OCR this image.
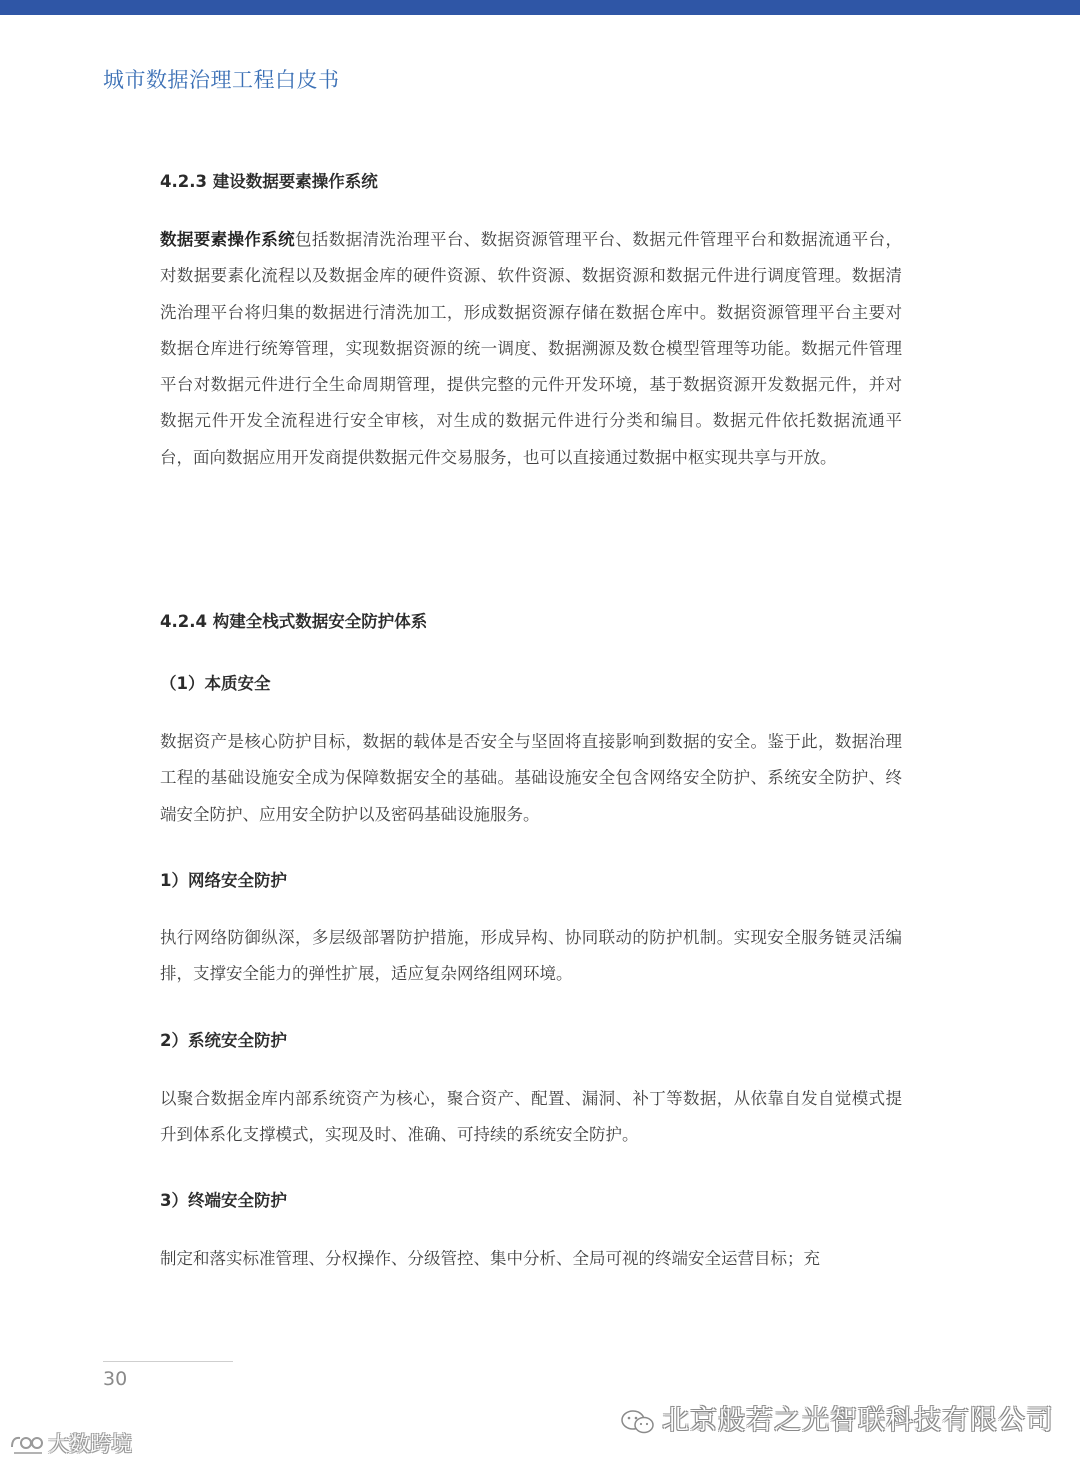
城市数据治理工程白皮书
4.2.3 建设数据要素操作系统
数据要素操作系统包括数据清洗治理平台、数据资源管理平台、数据元件管理平台和数据流通平台，对数据要素化流程以及数据金库的硬件资源、软件资源、数据资源和数据元件进行调度管理。数据清洗治理平台将归集的数据进行清洗加工，形成数据资源存储在数据仓库中。数据资源管理平台主要对数据仓库进行统筹管理，实现数据资源的统一调度、数据溯源及数仓模型管理等功能。数据元件管理平台对数据元件进行全生命周期管理，提供完整的元件开发环境，基于数据资源开发数据元件，并对数据元件开发全流程进行安全审核，对生成的数据元件进行分类和编目。数据元件依托数据流通平台，面向数据应用开发商提供数据元件交易服务，也可以直接通过数据中枢实现共享与开放。
4.2.4 构建全栈式数据安全防护体系
（1）本质安全
数据资产是核心防护目标，数据的载体是否安全与坚固将直接影响到数据的安全。鉴于此，数据治理工程的基础设施安全成为保障数据安全的基础。基础设施安全包含网络安全防护、系统安全防护、终端安全防护、应用安全防护以及密码基础设施服务。
1）网络安全防护
执行网络防御纵深，多层级部署防护措施，形成异构、协同联动的防护机制。实现安全服务链灵活编排，支撑安全能力的弹性扩展，适应复杂网络组网环境。
2）系统安全防护
以聚合数据金库内部系统资产为核心，聚合资产、配置、漏洞、补丁等数据，从依靠自发自觉模式提升到体系化支撑模式，实现及时、准确、可持续的系统安全防护。
3）终端安全防护
制定和落实标准管理、分权操作、分级管控、集中分析、全局可视的终端安全运营目标；充
30
北京般若之光智联科技有限公司
大数跨境
